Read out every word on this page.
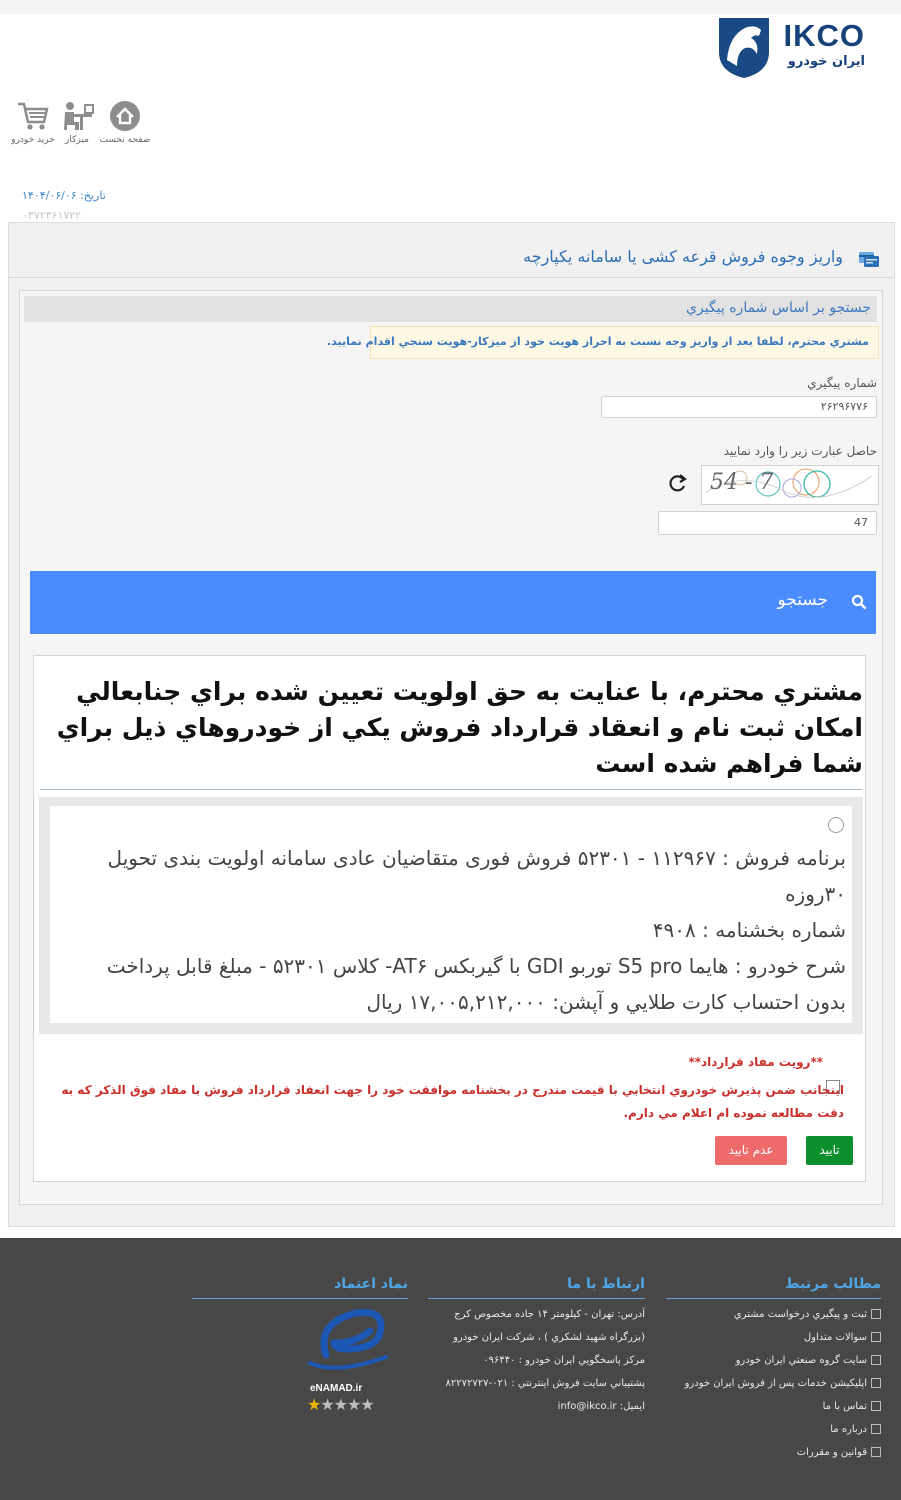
IKCO
ایران خودرو
خرید خودرو	میزکار	صفحه نخست
تاریخ: ۱۴۰۴/۰۶/۰۶
۰۳۷۲۳۶۱۷۲۲
واريز وجوه فروش قرعه کشی یا سامانه یکپارچه
جستجو بر اساس شماره پيگيري
مشتري محترم، لطفا بعد از واريز وجه نسبت به احراز هويت خود از ميزكار-هويت سنجي اقدام نماييد.
شماره پيگيري
۲۶۲۹۶۷۷۶
حاصل عبارت زير را وارد نماييد
54 - 7
47
جستجو
مشتري محترم، با عنايت به حق اولويت تعيين شده براي جنابعالي امكان ثبت نام و انعقاد قرارداد فروش يكي از خودروهاي ذيل براي شما فراهم شده است
برنامه فروش : ۱۱۲۹۶۷ - ۵۲۳۰۱ فروش فوری متقاضیان عادی سامانه اولویت بندی تحویل ۳۰روزه
شماره بخشنامه : ۴۹۰۸
شرح خودرو : هایما S5 pro توربو GDI با گیربکس AT۶- کلاس ۵۲۳۰۱ - مبلغ قابل پرداخت بدون احتساب کارت طلايي و آپشن: ۱۷,۰۰۵,۲۱۲,۰۰۰ ريال
**رويت مفاد قرارداد**
اينجانب ضمن پذيرش خودروي انتخابي با قيمت مندرج در بخشنامه موافقت خود را جهت انعقاد قرارداد فروش با مفاد فوق الذكر كه به دقت مطالعه نموده ام اعلام مي دارم.
تاييد
عدم تاييد
مطالب مرتبط
ثبت و پيگيري درخواست مشتري
سوالات متداول
سايت گروه صنعتي ايران خودرو
اپلیکیشن خدمات پس از فروش ایران خودرو
تماس با ما
درباره ما
قوانين و مقررات
ارتباط با ما
آدرس: تهران - كيلومتر ۱۴ جاده مخصوص كرج
(بزرگراه شهيد لشكري ) ، شركت ايران خودرو
مركز پاسخگويي ايران خودرو : ۰۹۶۴۴۰
پشتيباني سايت فروش اينترنتي : ۰۲۱-۸۲۲۷۲۷۲۷
ايميل: info@ikco.ir
نماد اعتماد
eNAMAD.ir
★★★★★
